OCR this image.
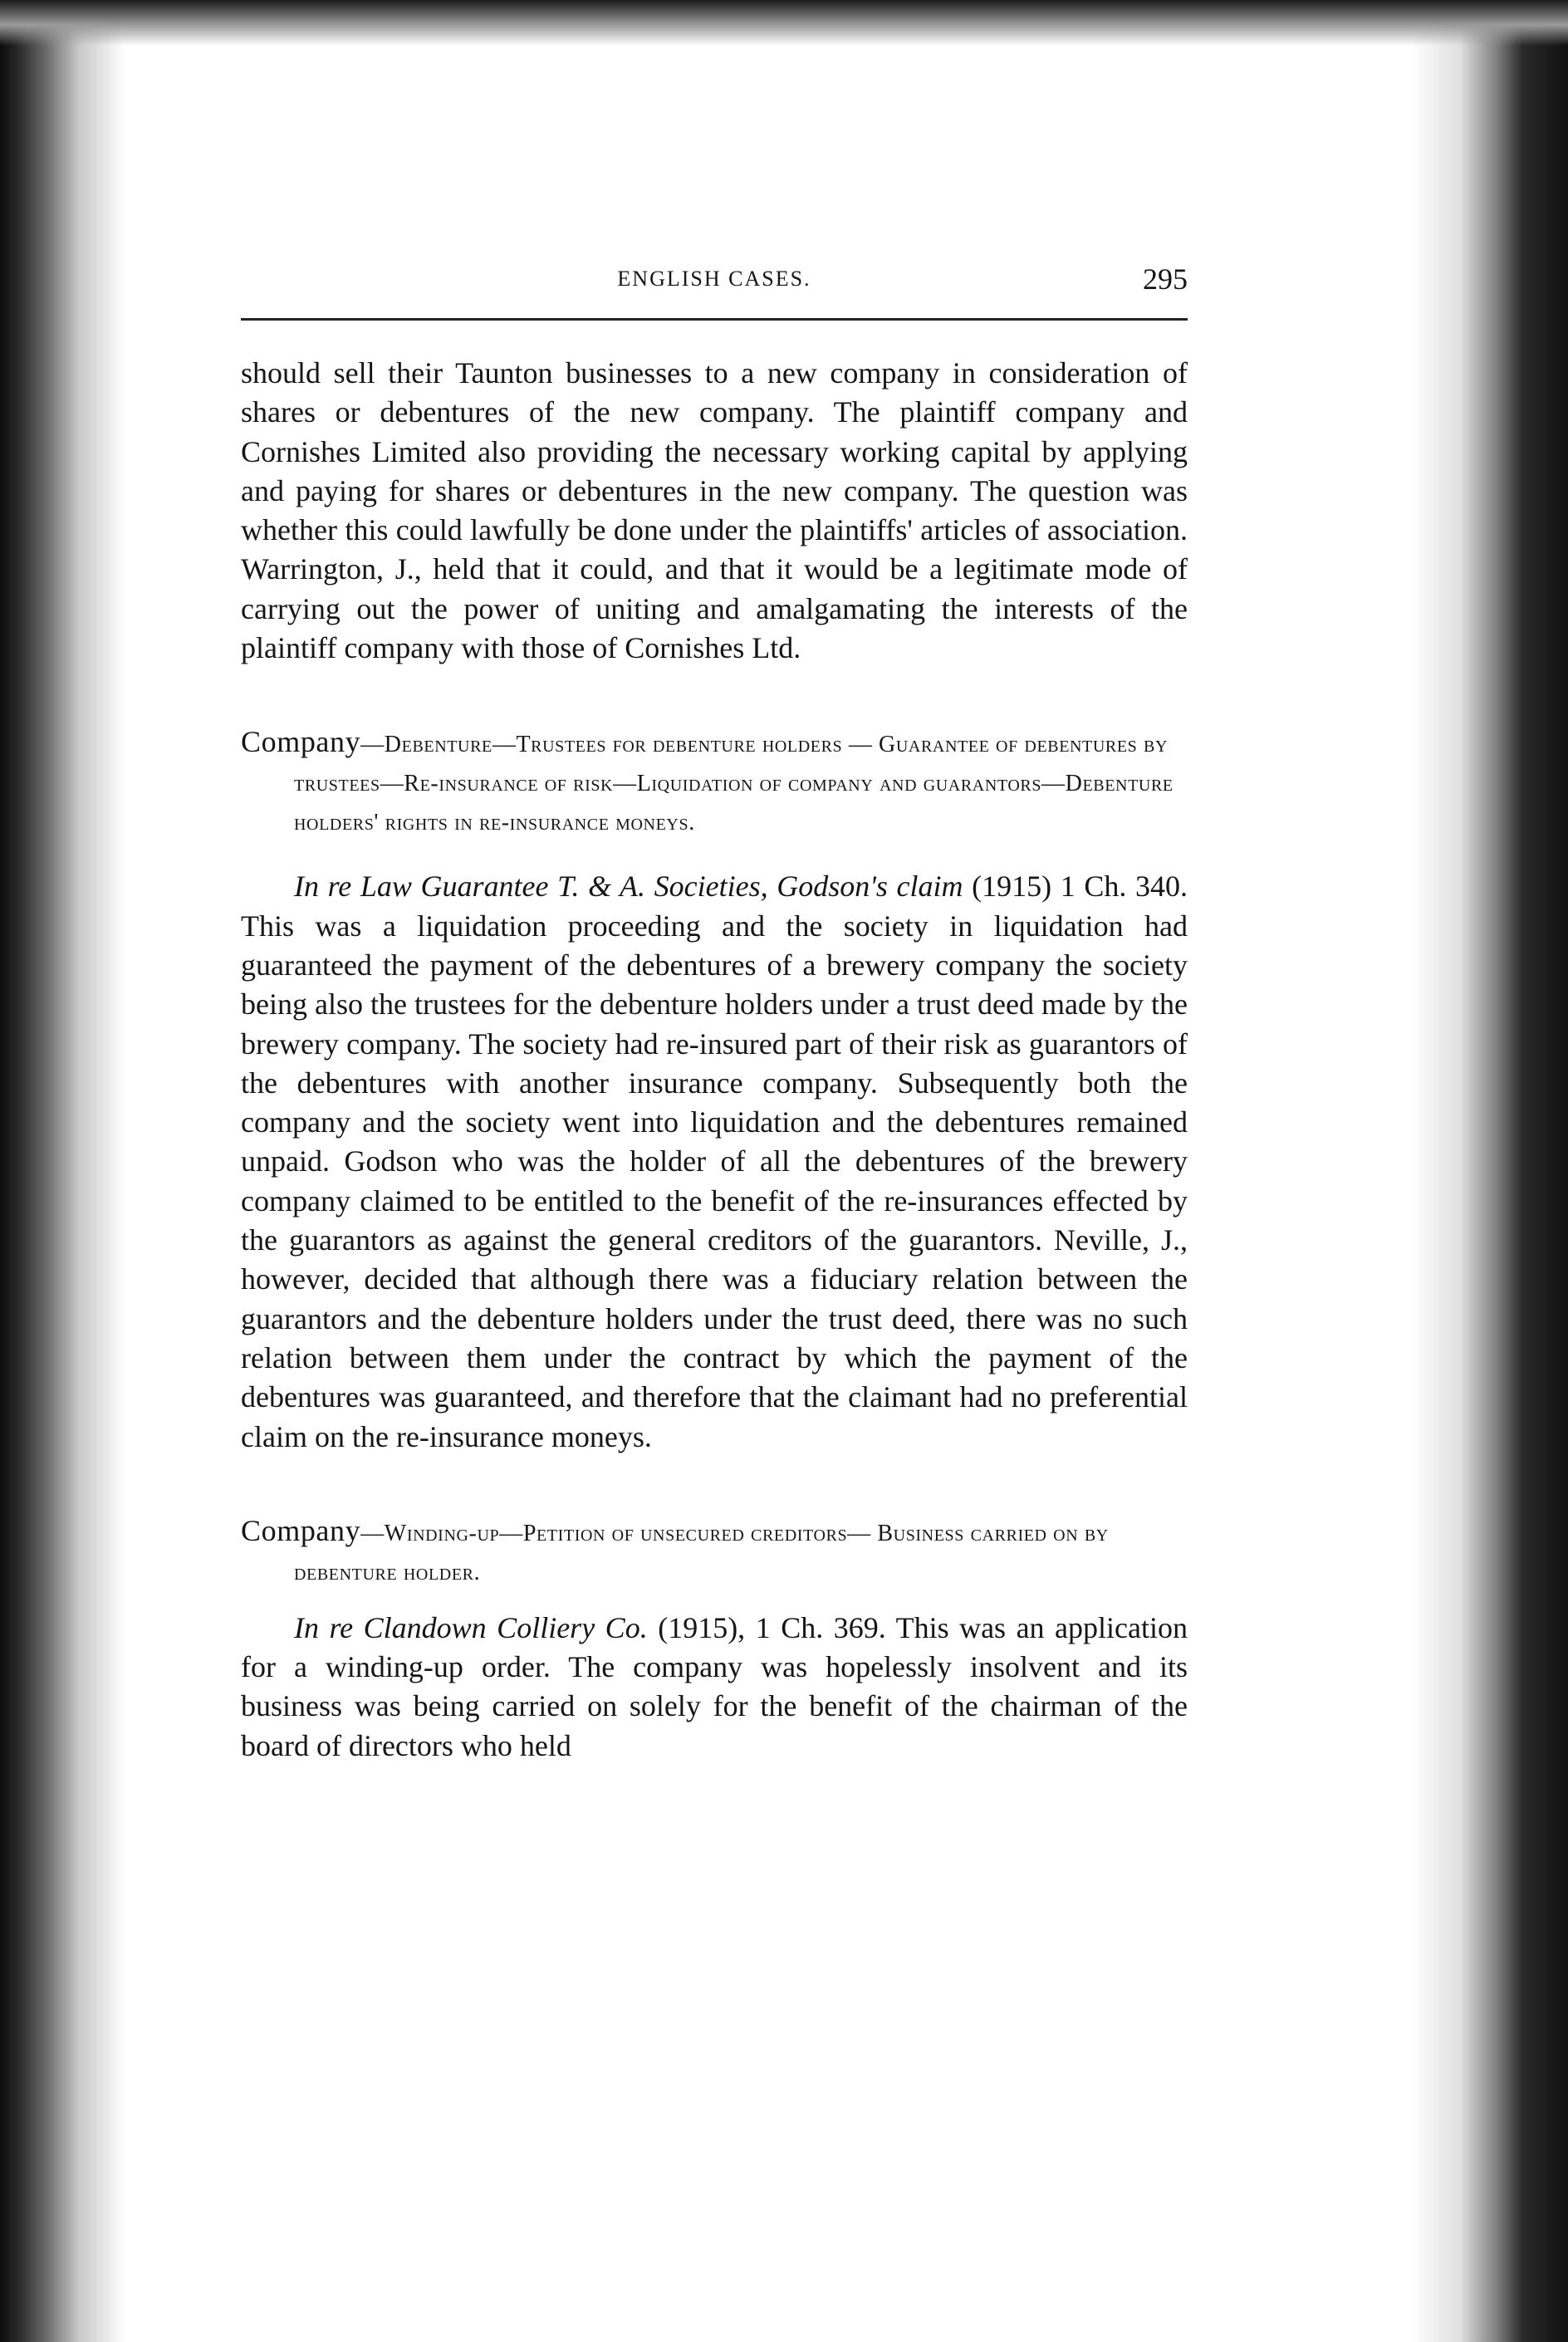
ENGLISH CASES.	295

should sell their Taunton businesses to a new company in consideration of shares or debentures of the new company. The plaintiff company and Cornishes Limited also providing the necessary working capital by applying and paying for shares or debentures in the new company. The question was whether this could lawfully be done under the plaintiffs' articles of association. Warrington, J., held that it could, and that it would be a legitimate mode of carrying out the power of uniting and amalgamating the interests of the plaintiff company with those of Cornishes Ltd.

Company—Debenture—Trustees for debenture holders — Guarantee of debentures by trustees—Re-insurance of risk—Liquidation of company and guarantors—Debenture holders' rights in re-insurance moneys.

In re Law Guarantee T. & A. Societies, Godson's claim (1915) 1 Ch. 340. This was a liquidation proceeding and the society in liquidation had guaranteed the payment of the debentures of a brewery company the society being also the trustees for the debenture holders under a trust deed made by the brewery company. The society had re-insured part of their risk as guarantors of the debentures with another insurance company. Subsequently both the company and the society went into liquidation and the debentures remained unpaid. Godson who was the holder of all the debentures of the brewery company claimed to be entitled to the benefit of the re-insurances effected by the guarantors as against the general creditors of the guarantors. Neville, J., however, decided that although there was a fiduciary relation between the guarantors and the debenture holders under the trust deed, there was no such relation between them under the contract by which the payment of the debentures was guaranteed, and therefore that the claimant had no preferential claim on the re-insurance moneys.

Company—Winding-up—Petition of unsecured creditors— Business carried on by debenture holder.

In re Clandown Colliery Co. (1915), 1 Ch. 369. This was an application for a winding-up order. The company was hopelessly insolvent and its business was being carried on solely for the benefit of the chairman of the board of directors who held
